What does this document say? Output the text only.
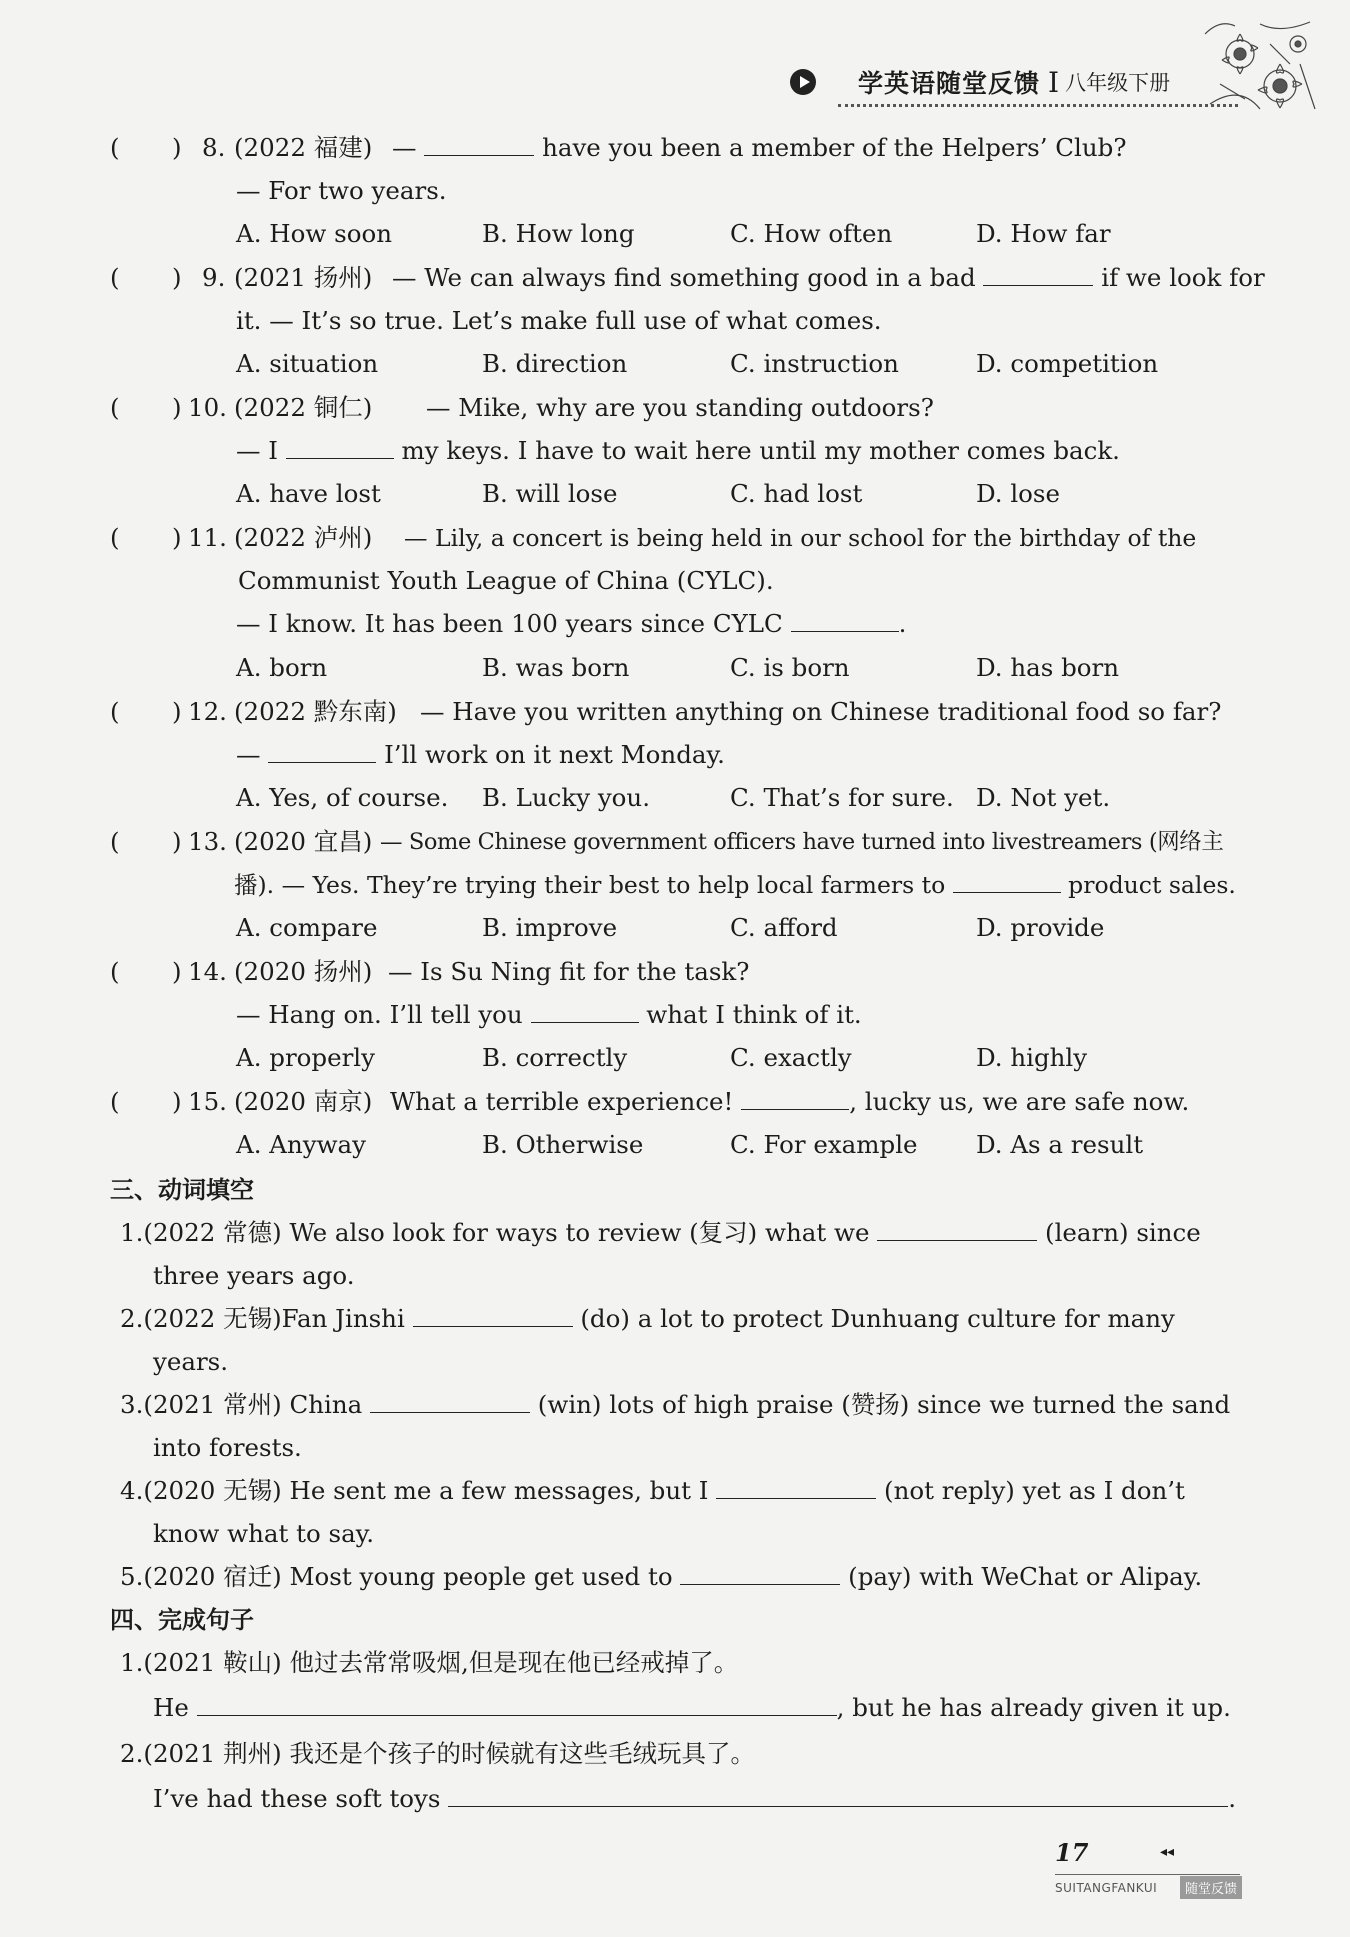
学英语随堂反馈 I 八年级下册
( ) 8. (2022 福建) —	have you been a member of the Helpers’ Club?
— For two years.
A. How soon	B. How long	C. How often	D. How far
( ) 9. (2021 扬州) — We can always find something good in a bad	if we look for
it. — It’s so true. Let’s make full use of what comes.
A. situation	B. direction	C. instruction	D. competition
( ) 10. (2022 铜仁) — Mike, why are you standing outdoors?
— I	my keys. I have to wait here until my mother comes back.
A. have lost	B. will lose	C. had lost	D. lose
( ) 11. (2022 泸州) — Lily, a concert is being held in our school for the birthday of the
Communist Youth League of China (CYLC).
— I know. It has been 100 years since CYLC	.
A. born	B. was born	C. is born	D. has born
( ) 12. (2022 黔东南) — Have you written anything on Chinese traditional food so far?
—	I’ll work on it next Monday.
A. Yes, of course. B. Lucky you.	C. That’s for sure. D. Not yet.
( ) 13. (2020 宜昌) — Some Chinese government officers have turned into livestreamers (网络主
播). — Yes. They’re trying their best to help local farmers to	product sales.
A. compare	B. improve	C. afford	D. provide
( ) 14. (2020 扬州) — Is Su Ning fit for the task?
— Hang on. I’ll tell you	what I think of it.
A. properly	B. correctly	C. exactly	D. highly
( ) 15. (2020 南京) What a terrible experience!	, lucky us, we are safe now.
A. Anyway	B. Otherwise	C. For example D. As a result
三、动词填空
1.(2022 常德) We also look for ways to review (复习) what we	(learn) since
three years ago.
2.(2022 无锡)Fan Jinshi	(do) a lot to protect Dunhuang culture for many
years.
3.(2021 常州) China	(win) lots of high praise (赞扬) since we turned the sand
into forests.
4.(2020 无锡) He sent me a few messages, but I	(not reply) yet as I don’t
know what to say.
5.(2020 宿迁) Most young people get used to	(pay) with WeChat or Alipay.
四、完成句子
1.(2021 鞍山) 他过去常常吸烟,但是现在他已经戒掉了。
He	, but he has already given it up.
2.(2021 荆州) 我还是个孩子的时候就有这些毛绒玩具了。
I’ve had these soft toys	.
17	◂◂
SUITANGFANKUI	随堂反馈
